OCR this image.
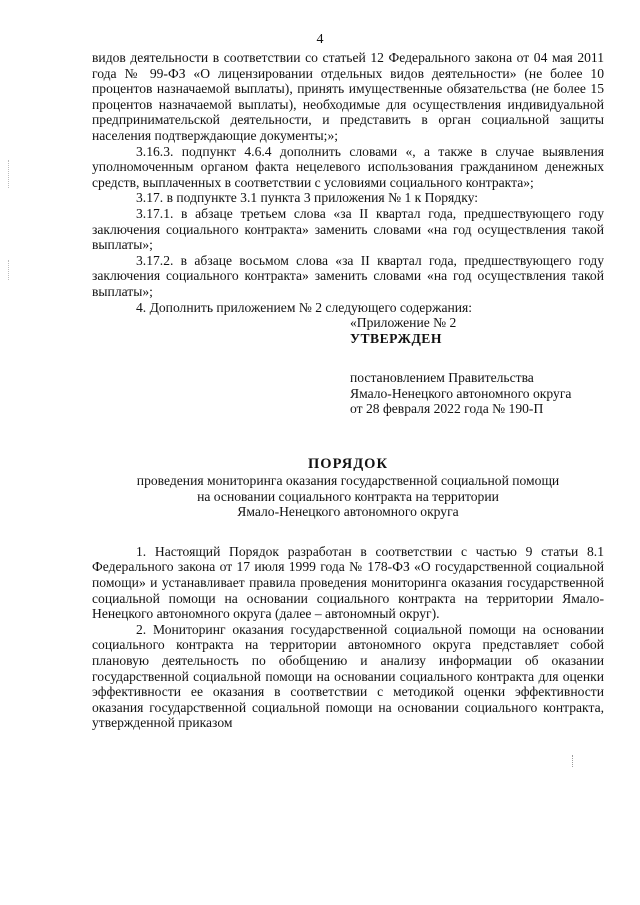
4

видов деятельности в соответствии со статьей 12 Федерального закона от 04 мая 2011 года № 99-ФЗ «О лицензировании отдельных видов деятельности» (не более 10 процентов назначаемой выплаты), принять имущественные обязательства (не более 15 процентов назначаемой выплаты), необходимые для осуществления индивидуальной предпринимательской деятельности, и представить в орган социальной защиты населения подтверждающие документы;»;

3.16.3. подпункт 4.6.4 дополнить словами «, а также в случае выявления уполномоченным органом факта нецелевого использования гражданином денежных средств, выплаченных в соответствии с условиями социального контракта»;

3.17. в подпункте 3.1 пункта 3 приложения № 1 к Порядку:

3.17.1. в абзаце третьем слова «за II квартал года, предшествующего году заключения социального контракта» заменить словами «на год осуществления такой выплаты»;

3.17.2. в абзаце восьмом слова «за II квартал года, предшествующего году заключения социального контракта» заменить словами «на год осуществления такой выплаты»;

4. Дополнить приложением № 2 следующего содержания:

«Приложение № 2
УТВЕРЖДЕН
постановлением Правительства
Ямало-Ненецкого автономного округа
от 28 февраля 2022 года № 190-П
ПОРЯДОК
проведения мониторинга оказания государственной социальной помощи
на основании социального контракта на территории
Ямало-Ненецкого автономного округа

1. Настоящий Порядок разработан в соответствии с частью 9 статьи 8.1 Федерального закона от 17 июля 1999 года № 178-ФЗ «О государственной социальной помощи» и устанавливает правила проведения мониторинга оказания государственной социальной помощи на основании социального контракта на территории Ямало-Ненецкого автономного округа (далее – автономный округ).

2. Мониторинг оказания государственной социальной помощи на основании социального контракта на территории автономного округа представляет собой плановую деятельность по обобщению и анализу информации об оказании государственной социальной помощи на основании социального контракта для оценки эффективности ее оказания в соответствии с методикой оценки эффективности оказания государственной социальной помощи на основании социального контракта, утвержденной приказом
